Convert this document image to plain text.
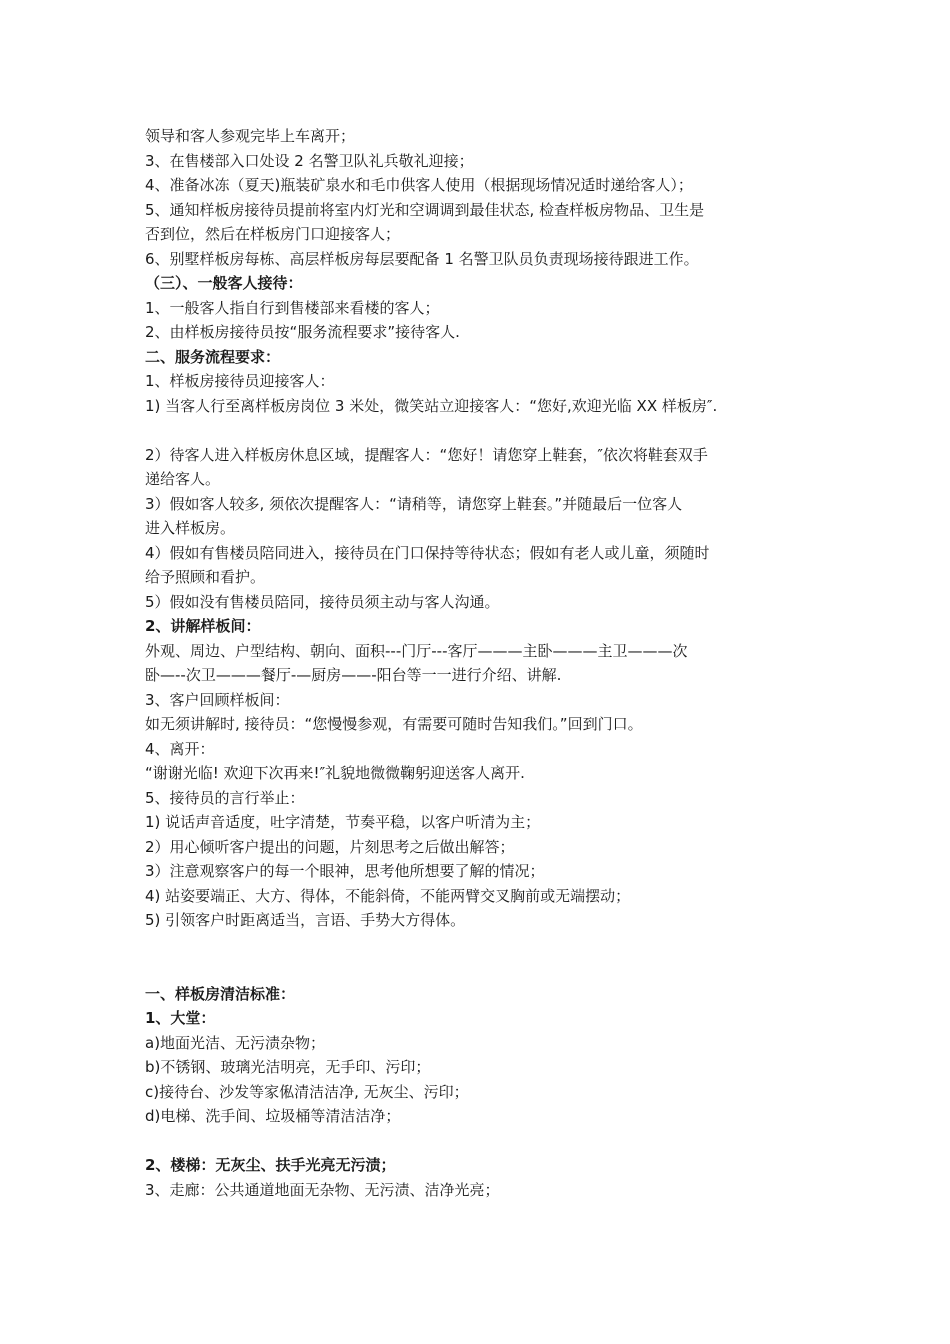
领导和客人参观完毕上车离开；
3、在售楼部入口处设 2 名警卫队礼兵敬礼迎接；
4、准备冰冻（夏天)瓶装矿泉水和毛巾供客人使用（根据现场情况适时递给客人）；
5、通知样板房接待员提前将室内灯光和空调调到最佳状态, 检查样板房物品、卫生是
否到位，然后在样板房门口迎接客人；
6、别墅样板房每栋、高层样板房每层要配备 1 名警卫队员负责现场接待跟进工作。
（三）、一般客人接待：
1、一般客人指自行到售楼部来看楼的客人；
2、由样板房接待员按“服务流程要求”接待客人.
二、服务流程要求：
1、样板房接待员迎接客人：
1) 当客人行至离样板房岗位 3 米处，微笑站立迎接客人：“您好,欢迎光临 XX 样板房″.
2）待客人进入样板房休息区域，提醒客人：“您好！请您穿上鞋套，″依次将鞋套双手
递给客人。
3）假如客人较多, 须依次提醒客人：“请稍等，请您穿上鞋套。”并随最后一位客人
进入样板房。
4）假如有售楼员陪同进入，接待员在门口保持等待状态；假如有老人或儿童，须随时
给予照顾和看护。
5）假如没有售楼员陪同，接待员须主动与客人沟通。
2、讲解样板间：
外观、周边、户型结构、朝向、面积---门厅---客厅———主卧———主卫———次
卧—--次卫———餐厅-—厨房——-阳台等一一进行介绍、讲解.
3、客户回顾样板间：
如无须讲解时, 接待员：“您慢慢参观，有需要可随时告知我们。”回到门口。
4、离开：
“谢谢光临! 欢迎下次再来!″礼貌地微微鞠躬迎送客人离开.
5、接待员的言行举止：
1) 说话声音适度，吐字清楚，节奏平稳，以客户听清为主；
2）用心倾听客户提出的问题，片刻思考之后做出解答；
3）注意观察客户的每一个眼神，思考他所想要了解的情况；
4) 站姿要端正、大方、得体，不能斜倚，不能两臂交叉胸前或无端摆动；
5) 引领客户时距离适当，言语、手势大方得体。
一、样板房清洁标准：
1、大堂：
a)地面光洁、无污渍杂物；
b)不锈钢、玻璃光洁明亮，无手印、污印；
c)接待台、沙发等家俬清洁洁净, 无灰尘、污印；
d)电梯、洗手间、垃圾桶等清洁洁净；
2、楼梯：无灰尘、扶手光亮无污渍；
3、走廊：公共通道地面无杂物、无污渍、洁净光亮；
